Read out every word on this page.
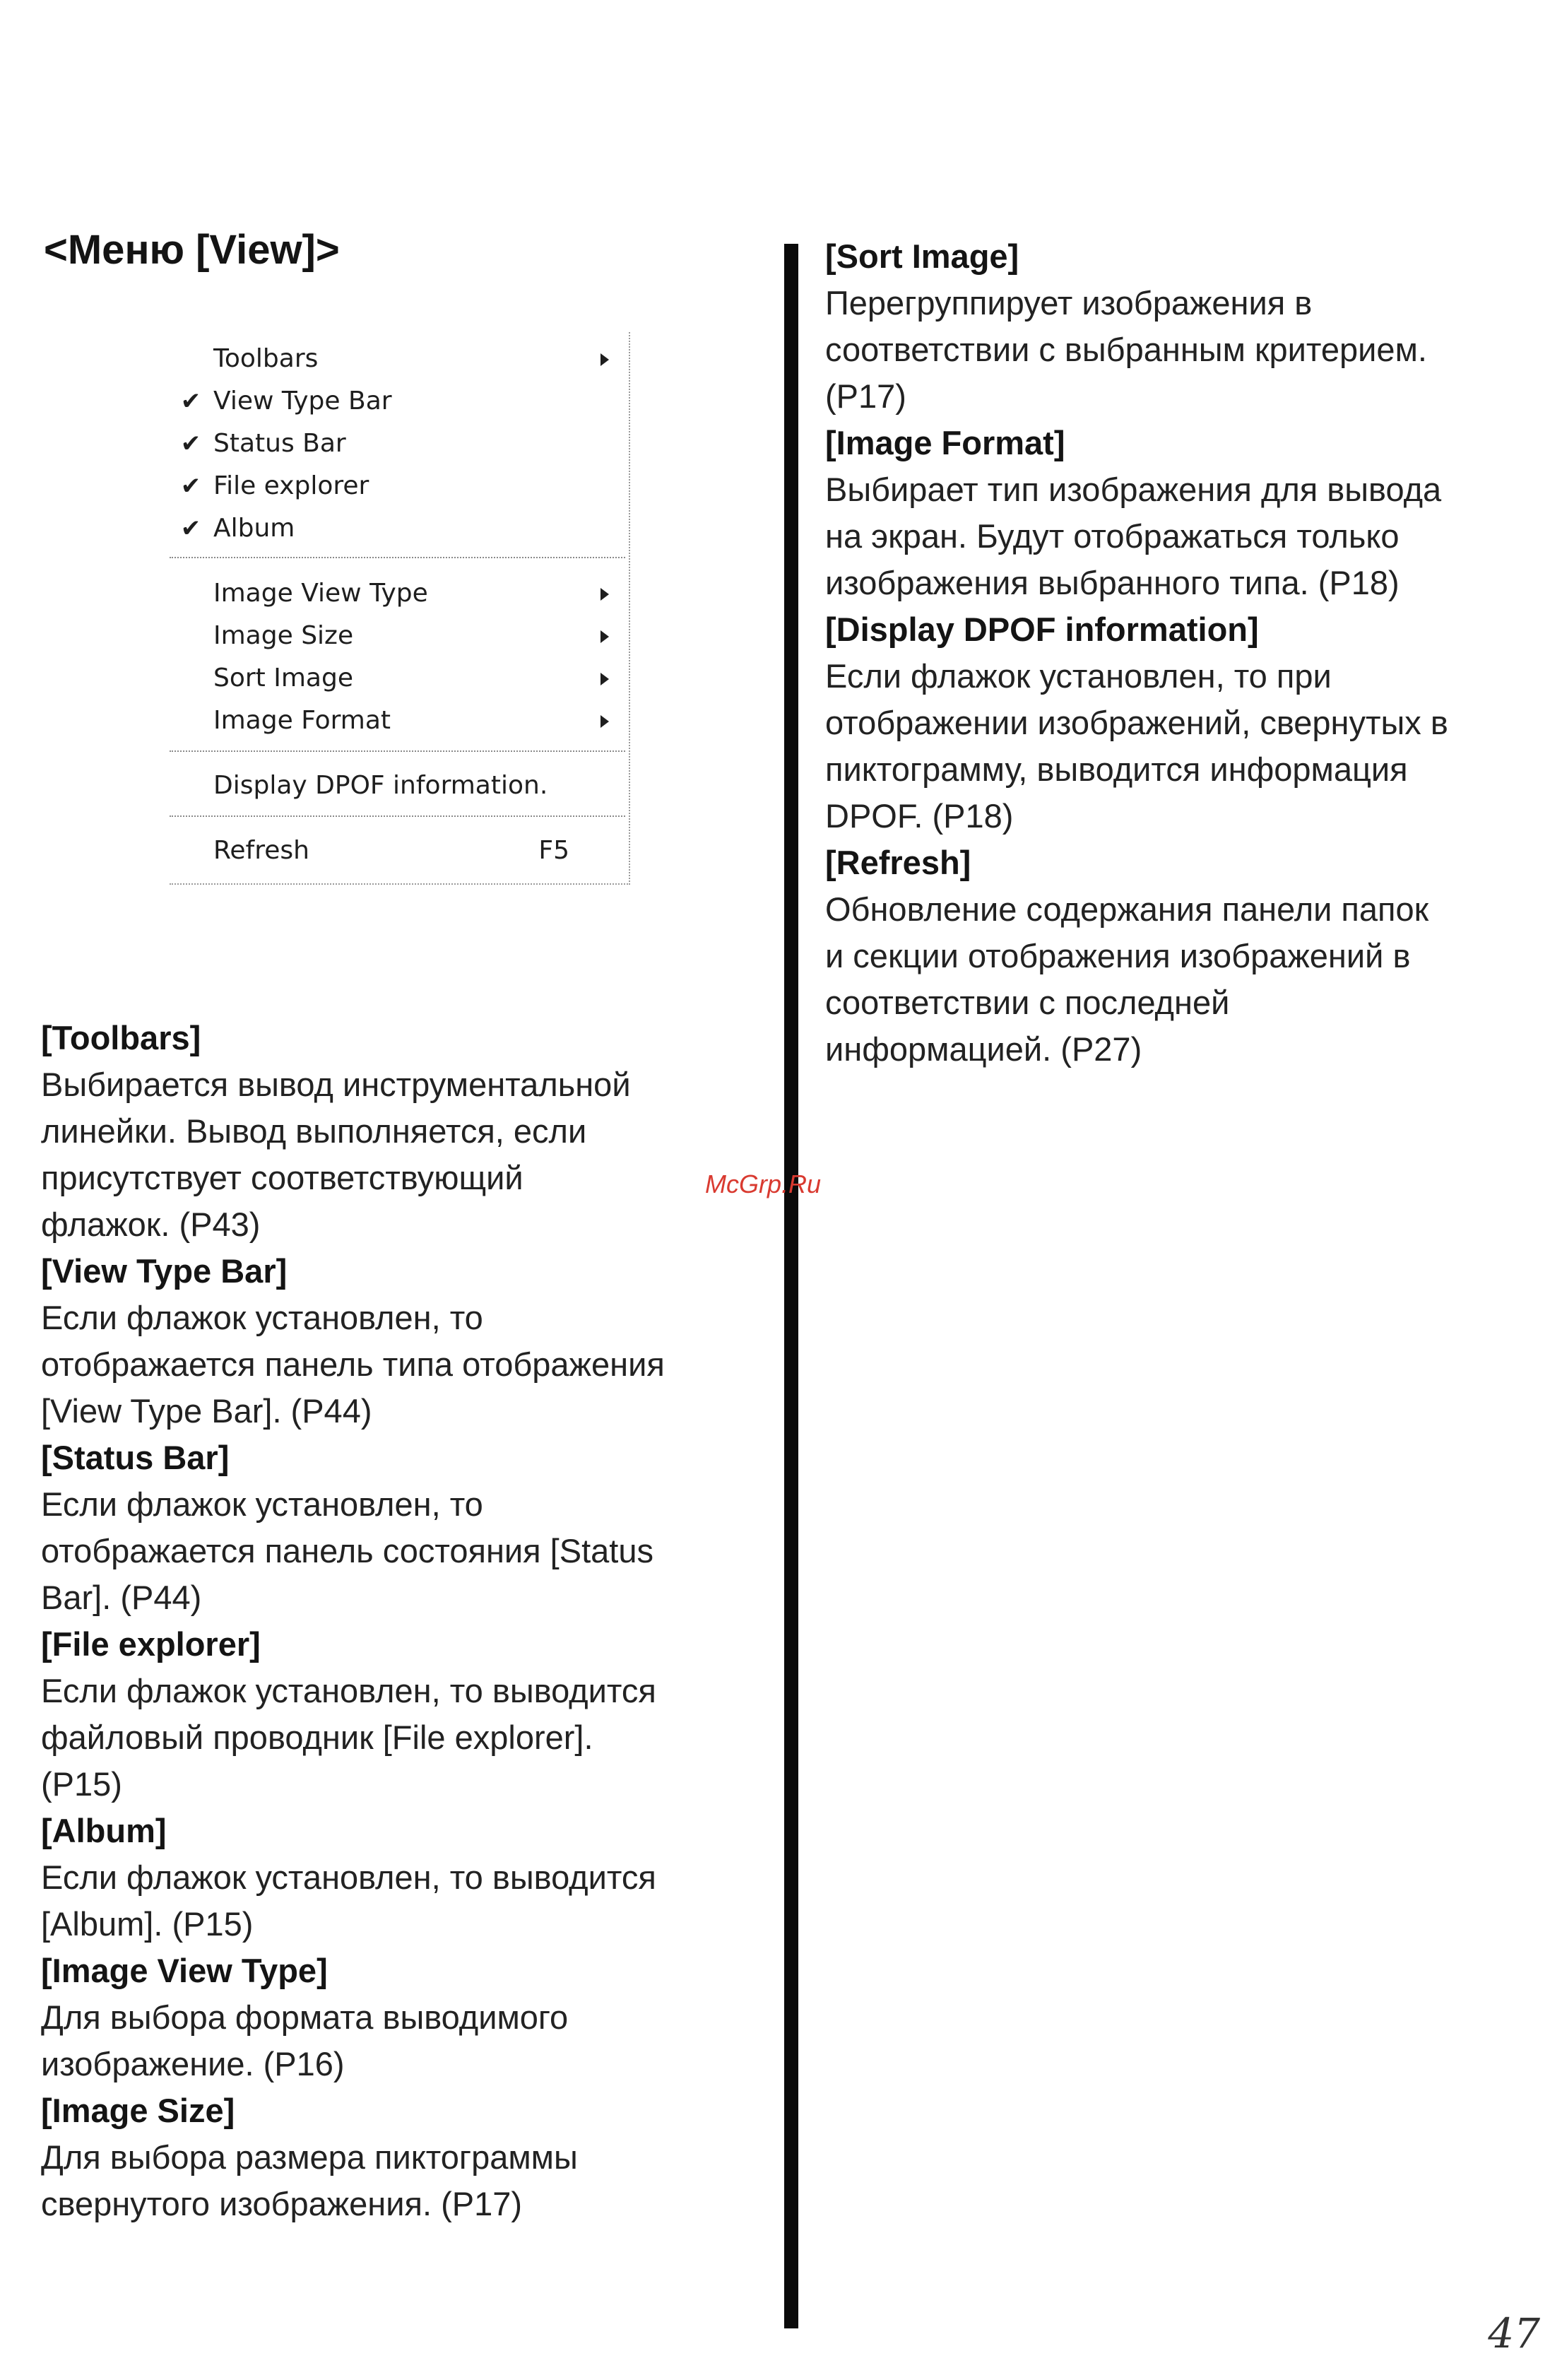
<Меню [View]>
Toolbars
✔ View Type Bar
✔ Status Bar
✔ File explorer
✔ Album
Image View Type
Image Size
Sort Image
Image Format
Display DPOF information.
Refresh	F5

[Toolbars]

Выбирается вывод инструментальной

линейки. Вывод выполняется, если

присутствует соответствующий

флажок. (P43)

[View Type Bar]

Если флажок установлен, то

отображается панель типа отображения

[View Type Bar]. (P44)

[Status Bar]

Если флажок установлен, то

отображается панель состояния [Status

Bar]. (P44)

[File explorer]

Если флажок установлен, то выводится

файловый проводник [File explorer].

(P15)

[Album]

Если флажок установлен, то выводится

[Album]. (P15)

[Image View Type]

Для выбора формата выводимого

изображение. (P16)

[Image Size]

Для выбора размера пиктограммы

свернутого изображения. (P17)

[Sort Image]

Перегруппирует изображения в

соответствии с выбранным критерием.

(P17)

[Image Format]

Выбирает тип изображения для вывода

на экран. Будут отображаться только

изображения выбранного типа. (P18)

[Display DPOF information]

Если флажок установлен, то при

отображении изображений, свернутых в

пиктограмму, выводится информация

DPOF. (P18)

[Refresh]

Обновление содержания панели папок

и секции отображения изображений в

соответствии с последней

информацией. (P27)

McGrp.Ru
47
